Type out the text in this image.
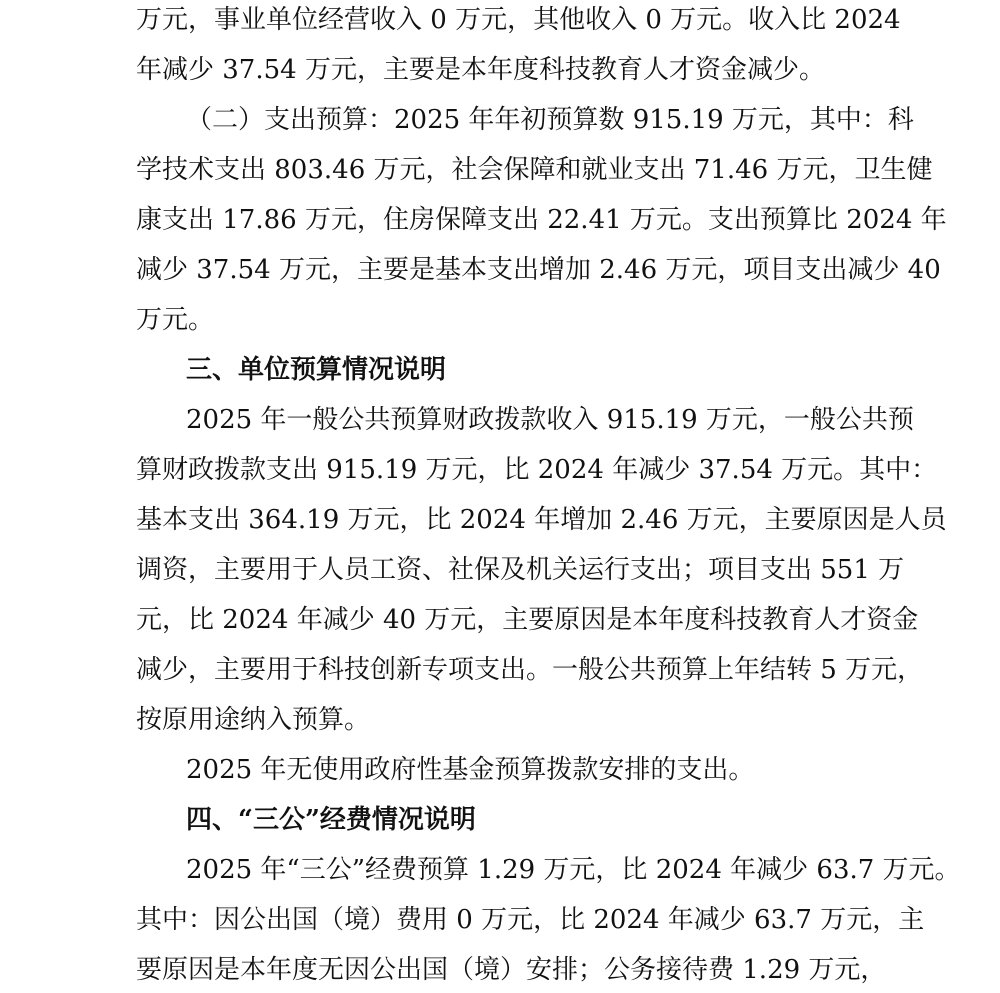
万元，事业单位经营收入 0 万元，其他收入 0 万元。收入比 2024
年减少 37.54 万元，主要是本年度科技教育人才资金减少。
（二）支出预算：2025 年年初预算数 915.19 万元，其中：科
学技术支出 803.46 万元，社会保障和就业支出 71.46 万元，卫生健
康支出 17.86 万元，住房保障支出 22.41 万元。支出预算比 2024 年
减少 37.54 万元，主要是基本支出增加 2.46 万元，项目支出减少 40
万元。
三、单位预算情况说明
2025 年一般公共预算财政拨款收入 915.19 万元，一般公共预
算财政拨款支出 915.19 万元，比 2024 年减少 37.54 万元。其中：
基本支出 364.19 万元，比 2024 年增加 2.46 万元，主要原因是人员
调资，主要用于人员工资、社保及机关运行支出；项目支出 551 万
元，比 2024 年减少 40 万元，主要原因是本年度科技教育人才资金
减少，主要用于科技创新专项支出。一般公共预算上年结转 5 万元，
按原用途纳入预算。
2025 年无使用政府性基金预算拨款安排的支出。
四、“三公”经费情况说明
2025 年“三公”经费预算 1.29 万元，比 2024 年减少 63.7 万元。
其中：因公出国（境）费用 0 万元，比 2024 年减少 63.7 万元，主
要原因是本年度无因公出国（境）安排；公务接待费 1.29 万元，
